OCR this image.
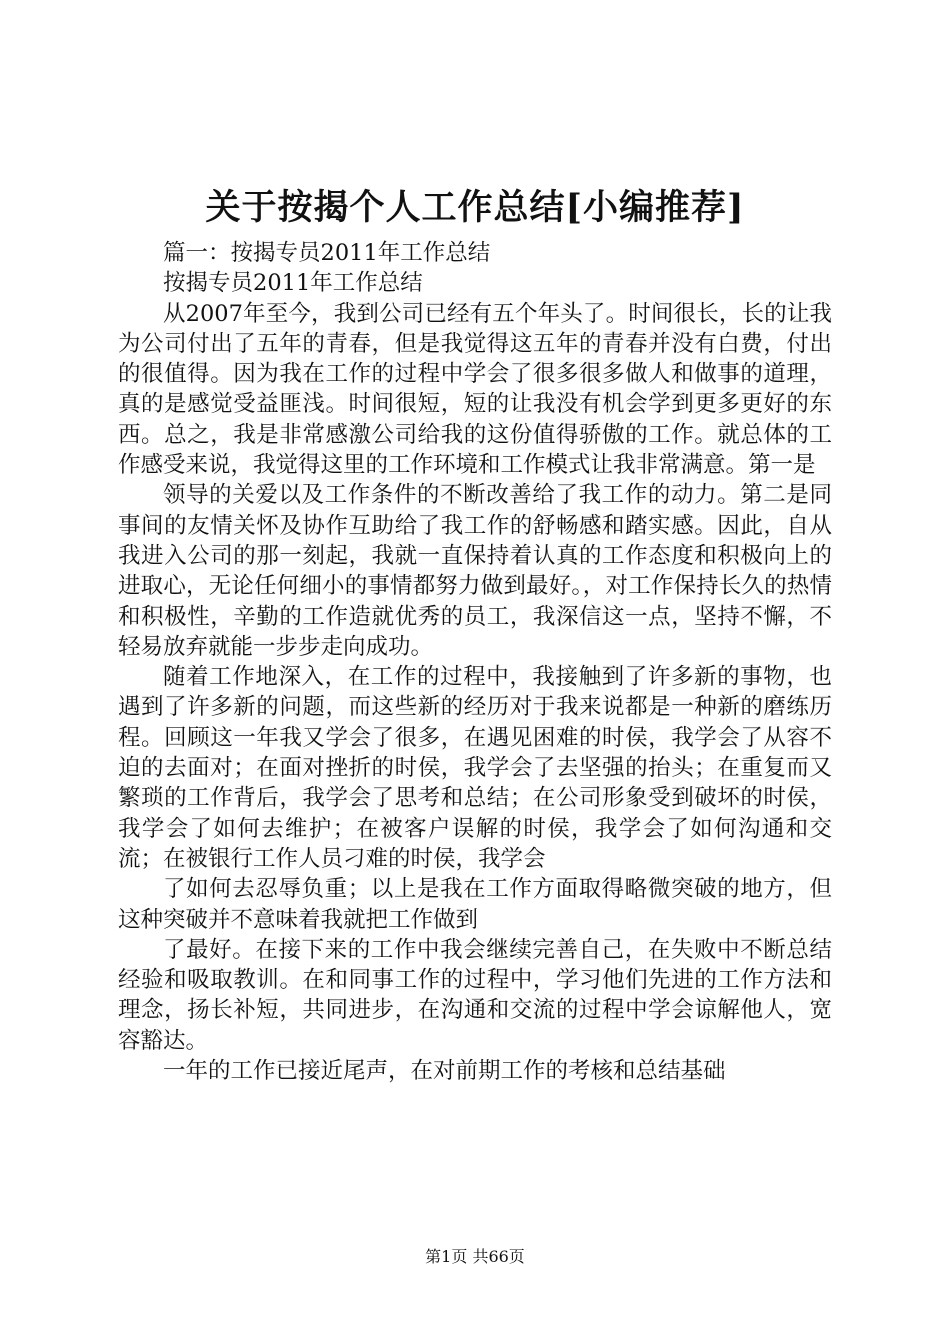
关于按揭个人工作总结[小编推荐]

篇一：按揭专员2011年工作总结

按揭专员2011年工作总结

从2007年至今，我到公司已经有五个年头了。时间很长，长的让我为公司付出了五年的青春，但是我觉得这五年的青春并没有白费，付出的很值得。因为我在工作的过程中学会了很多很多做人和做事的道理，真的是感觉受益匪浅。时间很短，短的让我没有机会学到更多更好的东西。总之，我是非常感激公司给我的这份值得骄傲的工作。就总体的工作感受来说，我觉得这里的工作环境和工作模式让我非常满意。第一是

领导的关爱以及工作条件的不断改善给了我工作的动力。第二是同事间的友情关怀及协作互助给了我工作的舒畅感和踏实感。因此，自从我进入公司的那一刻起，我就一直保持着认真的工作态度和积极向上的进取心，无论任何细小的事情都努力做到最好。，对工作保持长久的热情和积极性，辛勤的工作造就优秀的员工，我深信这一点，坚持不懈，不轻易放弃就能一步步走向成功。

随着工作地深入，在工作的过程中，我接触到了许多新的事物，也遇到了许多新的问题，而这些新的经历对于我来说都是一种新的磨练历程。回顾这一年我又学会了很多，在遇见困难的时侯，我学会了从容不迫的去面对；在面对挫折的时侯，我学会了去坚强的抬头；在重复而又繁琐的工作背后，我学会了思考和总结；在公司形象受到破坏的时侯，我学会了如何去维护；在被客户误解的时侯，我学会了如何沟通和交流；在被银行工作人员刁难的时侯，我学会

了如何去忍辱负重；以上是我在工作方面取得略微突破的地方，但这种突破并不意味着我就把工作做到

了最好。在接下来的工作中我会继续完善自己，在失败中不断总结经验和吸取教训。在和同事工作的过程中，学习他们先进的工作方法和理念，扬长补短，共同进步，在沟通和交流的过程中学会谅解他人，宽容豁达。

一年的工作已接近尾声，在对前期工作的考核和总结基础

第1页 共66页
